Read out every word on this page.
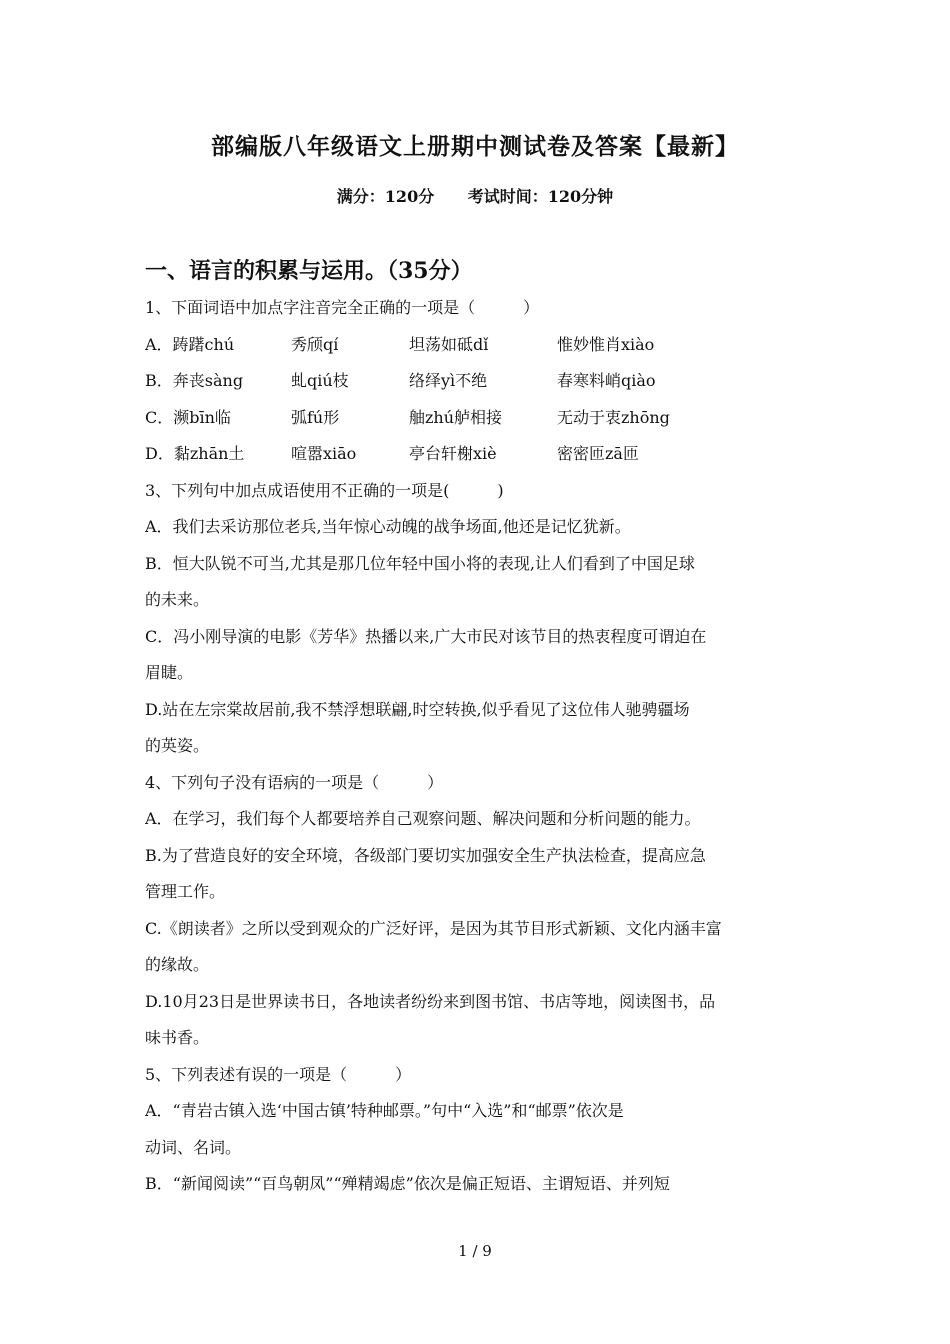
部编版八年级语文上册期中测试卷及答案【最新】
满分：120分 考试时间：120分钟
一、语言的积累与运用。（35分）
1、下面词语中加点字注音完全正确的一项是（　　　）
A．踌躇chú	秀颀qí	坦荡如砥dǐ	惟妙惟肖xiào
B．奔丧sàng	虬qiú枝	络绎yì不绝	春寒料峭qiào
C．濒bīn临	弧fú形	舳zhú舻相接	无动于衷zhōng
D．黏zhān土	喧嚣xiāo	亭台轩榭xiè	密密匝zā匝
3、下列句中加点成语使用不正确的一项是(　　　)
A．我们去采访那位老兵,当年惊心动魄的战争场面,他还是记忆犹新。
B．恒大队锐不可当,尤其是那几位年轻中国小将的表现,让人们看到了中国足球
的未来。
C．冯小刚导演的电影《芳华》热播以来,广大市民对该节目的热衷程度可谓迫在
眉睫。
D.站在左宗棠故居前,我不禁浮想联翩,时空转换,似乎看见了这位伟人驰骋疆场
的英姿。
4、下列句子没有语病的一项是（　　　）
A．在学习，我们每个人都要培养自己观察问题、解决问题和分析问题的能力。
B.为了营造良好的安全环境，各级部门要切实加强安全生产执法检查，提高应急
管理工作。
C.《朗读者》之所以受到观众的广泛好评，是因为其节目形式新颖、文化内涵丰富
的缘故。
D.10月23日是世界读书日，各地读者纷纷来到图书馆、书店等地，阅读图书，品
味书香。
5、下列表述有误的一项是（　　　）
A．“青岩古镇入选‘中国古镇’特种邮票。”句中“入选”和“邮票”依次是
动词、名词。
B．“新闻阅读”“百鸟朝凤”“殚精竭虑”依次是偏正短语、主谓短语、并列短
1 / 9
